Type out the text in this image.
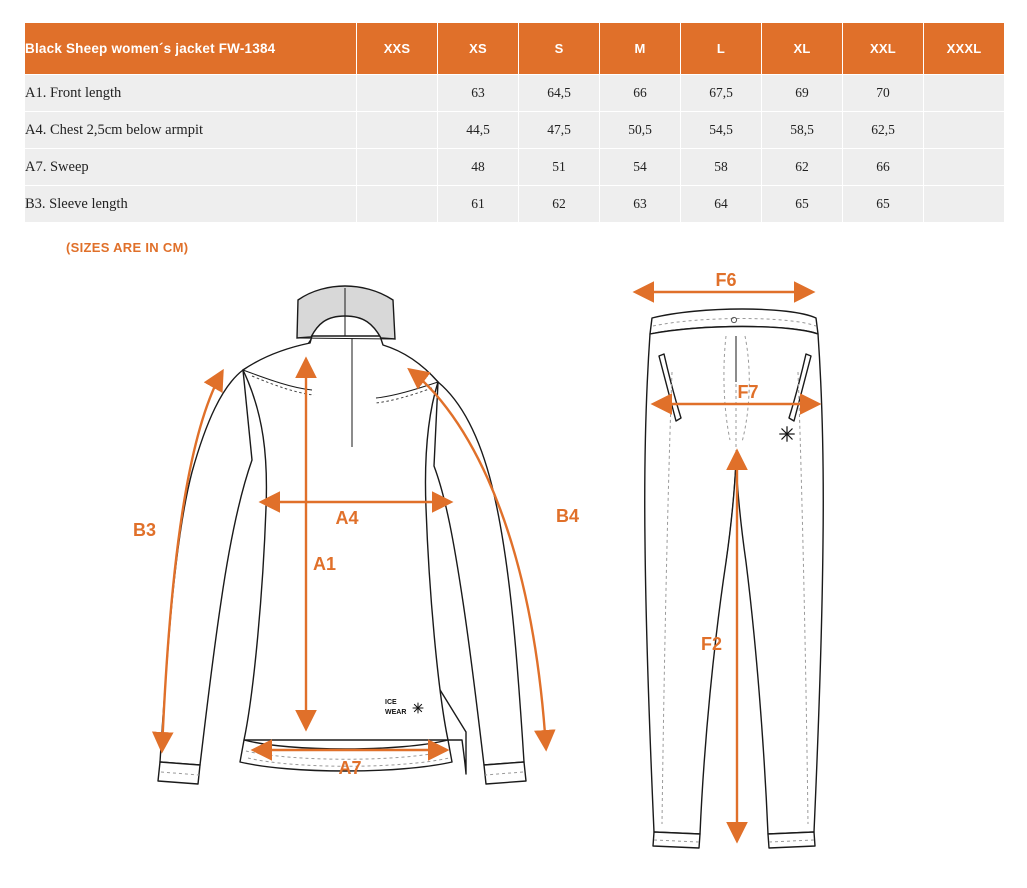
Black Sheep women´s jacket FW-1384	XXS	XS	S	M	L	XL	XXL	XXXL
A1. Front length		63	64,5	66	67,5	69	70	
A4. Chest 2,5cm below armpit		44,5	47,5	50,5	54,5	58,5	62,5	
A7. Sweep		48	51	54	58	62	66	
B3. Sleeve length		61	62	63	64	65	65	
(SIZES ARE IN CM)
ICE
WEAR
B3
B4
A4
A1
A7
F6
F7
F2
